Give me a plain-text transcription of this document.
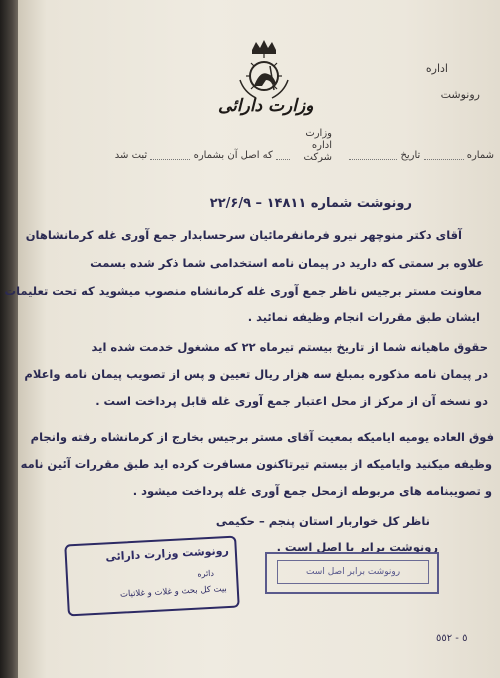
اداره
رونوشت
وزارت دارائی
شماره  تاریخ
وزارت
اداره
شرکت
که اصل آن بشماره  ثبت شد
رونوشت شماره ۱۴۸۱۱ – ۲۲/۶/۹
آقای دکتر منوچهر نیرو فرمانفرمائیان سرحسابدار جمع آوری غله کرمانشاهان
علاوه بر سمتی که دارید در پیمان نامه استخدامی شما ذکر شده بسمت
معاونت مستر برجیس ناظر جمع آوری غله کرمانشاه منصوب میشوید که تحت تعلیمات
ایشان طبق مقررات انجام وظیفه نمائید .
حقوق ماهیانه شما از تاریخ بیستم تیرماه ۲۲ که مشغول خدمت شده اید
در پیمان نامه مذکوره بمبلغ سه هزار ریال تعیین و پس از تصویب پیمان نامه واعلام
دو نسخه آن از مرکز از محل اعتبار جمع آوری غله قابل پرداخت است .
فوق العاده یومیه ایامیکه بمعیت آقای مستر برجیس بخارج از کرمانشاه رفته وانجام
وظیفه میکنید وایامیکه از بیستم تیرتاکنون مسافرت کرده اید طبق مقررات آئین نامه
و تصویبنامه های مربوطه ازمحل جمع آوری غله پرداخت میشود .
ناظر کل خواربار استان پنجم – حکیمی
رونوشت برابر با اصل است .
رونوشت وزارت دارائی
دائره
بیت کل بحث و غلات و غلاتیات
رونوشت برابر اصل است
٥ - ٥٥٢
